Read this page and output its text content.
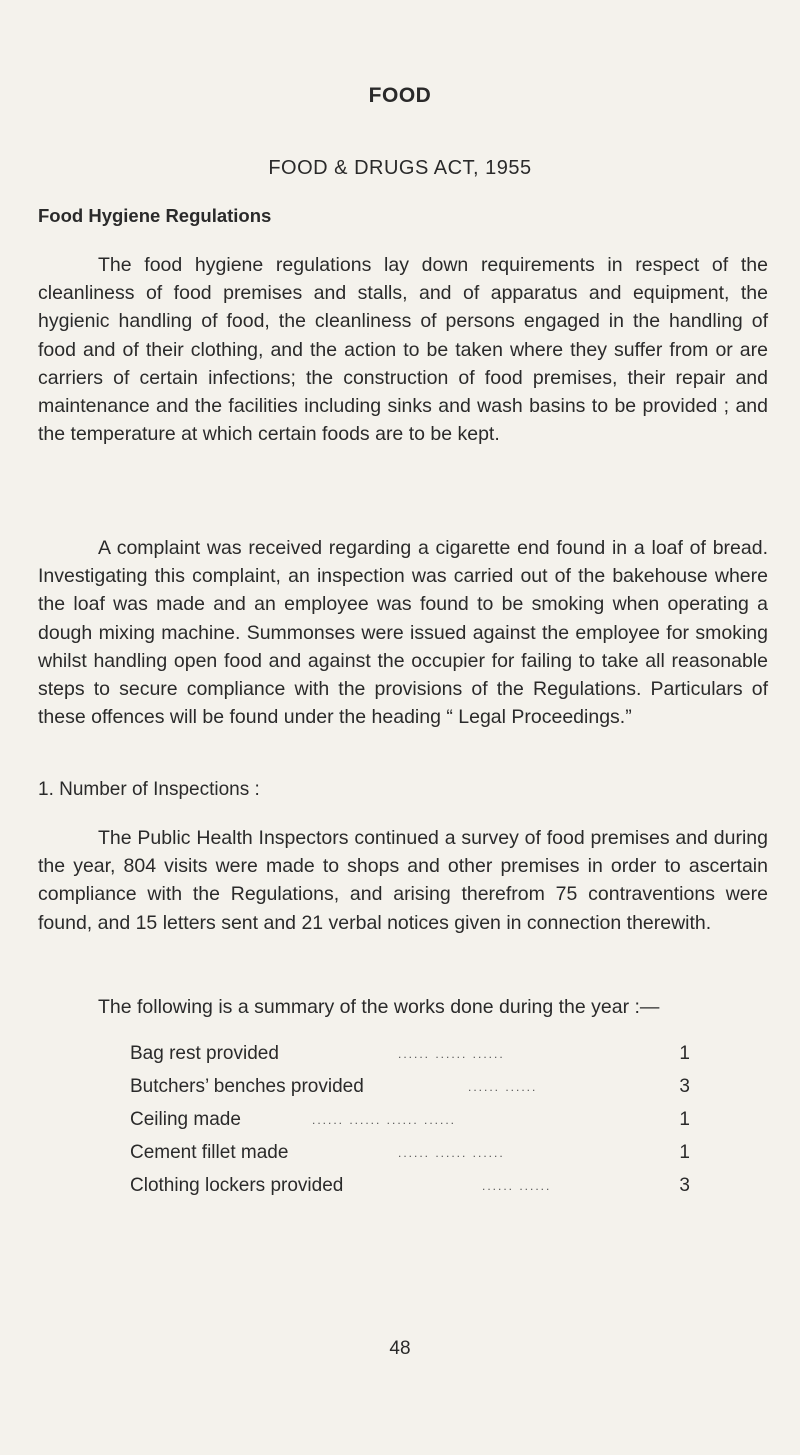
FOOD
FOOD & DRUGS ACT, 1955
Food Hygiene Regulations

The food hygiene regulations lay down requirements in respect of the cleanliness of food premises and stalls, and of apparatus and equipment, the hygienic handling of food, the cleanliness of persons engaged in the handling of food and of their clothing, and the action to be taken where they suffer from or are carriers of certain infections; the construction of food premises, their repair and maintenance and the facilities including sinks and wash basins to be provided ; and the temperature at which certain foods are to be kept.

A complaint was received regarding a cigarette end found in a loaf of bread. Investigating this complaint, an inspection was carried out of the bakehouse where the loaf was made and an employee was found to be smoking when operating a dough mixing machine. Summonses were issued against the employee for smoking whilst handling open food and against the occupier for failing to take all reasonable steps to secure compliance with the provisions of the Regulations. Particulars of these offences will be found under the heading “ Legal Proceedings.”

1. Number of Inspections :

The Public Health Inspectors continued a survey of food premises and during the year, 804 visits were made to shops and other premises in order to ascertain compliance with the Regulations, and arising therefrom 75 contraventions were found, and 15 letters sent and 21 verbal notices given in connection therewith.

The following is a summary of the works done during the year :—

Bag rest provided	...... ...... ......	1
Butchers’ benches provided	...... ......	3
Ceiling made	...... ...... ...... ......	1
Cement fillet made	...... ...... ......	1
Clothing lockers provided	...... ......	3
48
